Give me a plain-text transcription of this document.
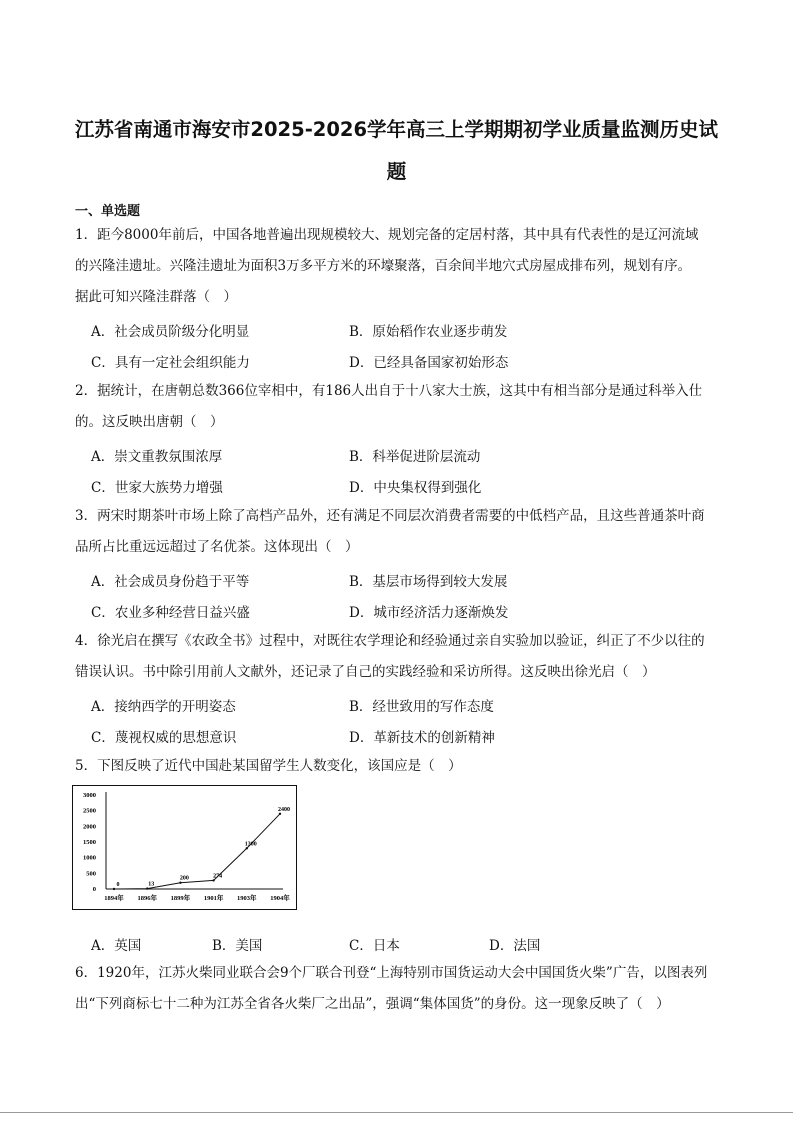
江苏省南通市海安市2025-2026学年高三上学期期初学业质量监测历史试
题
一、单选题
1．距今8000年前后，中国各地普遍出现规模较大、规划完备的定居村落，其中具有代表性的是辽河流域
的兴隆洼遗址。兴隆洼遗址为面积3万多平方米的环壕聚落，百余间半地穴式房屋成排布列，规划有序。
据此可知兴隆洼群落（　）
A．社会成员阶级分化明显	B．原始稻作农业逐步萌发
C．具有一定社会组织能力	D．已经具备国家初始形态
2．据统计，在唐朝总数366位宰相中，有186人出自于十八家大士族，这其中有相当部分是通过科举入仕
的。这反映出唐朝（　）
A．崇文重教氛围浓厚	B．科举促进阶层流动
C．世家大族势力增强	D．中央集权得到强化
3．两宋时期茶叶市场上除了高档产品外，还有满足不同层次消费者需要的中低档产品，且这些普通茶叶商
品所占比重远远超过了名优茶。这体现出（　）
A．社会成员身份趋于平等	B．基层市场得到较大发展
C．农业多种经营日益兴盛	D．城市经济活力逐渐焕发
4．徐光启在撰写《农政全书》过程中，对既往农学理论和经验通过亲自实验加以验证，纠正了不少以往的
错误认识。书中除引用前人文献外，还记录了自己的实践经验和采访所得。这反映出徐光启（　）
A．接纳西学的开明姿态	B．经世致用的写作态度
C．蔑视权威的思想意识	D．革新技术的创新精神
5．下图反映了近代中国赴某国留学生人数变化，该国应是（　）
3000
2500
2000
1500
1000
500
0
1894年 1896年 1899年 1901年 1903年 1904年
0	13
200	274
1300
2400
A．英国	B．美国	C．日本	D．法国
6．1920年，江苏火柴同业联合会9个厂联合刊登“上海特别市国货运动大会中国国货火柴”广告，以图表列
出“下列商标七十二种为江苏全省各火柴厂之出品”，强调“集体国货”的身份。这一现象反映了（　）
